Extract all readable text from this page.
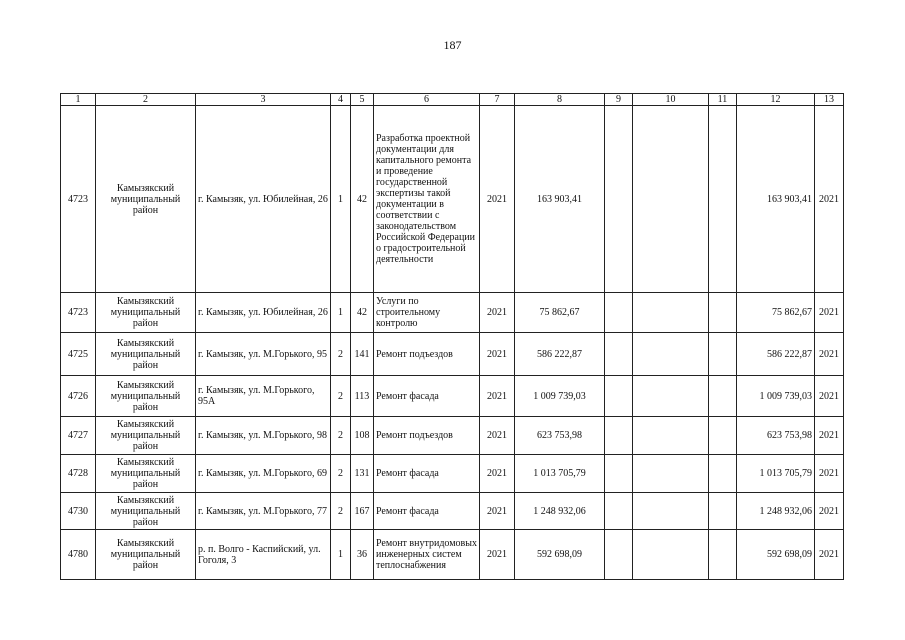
187
1	2	3	4	5	6	7	8	9	10	11	12	13
4723	Камызякский муниципальный район	г. Камызяк, ул. Юбилейная, 26	1	42	Разработка проектной документации для капитального ремонта и проведение государственной экспертизы такой документации в соответствии с законодательством Российской Федерации о градостроительной деятельности	2021	163 903,41				163 903,41	2021
4723	Камызякский муниципальный район	г. Камызяк, ул. Юбилейная, 26	1	42	Услуги по строительному контролю	2021	75 862,67				75 862,67	2021
4725	Камызякский муниципальный район	г. Камызяк, ул. М.Горького, 95	2	141	Ремонт подъездов	2021	586 222,87				586 222,87	2021
4726	Камызякский муниципальный район	г. Камызяк, ул. М.Горького, 95А	2	113	Ремонт фасада	2021	1 009 739,03				1 009 739,03	2021
4727	Камызякский муниципальный район	г. Камызяк, ул. М.Горького, 98	2	108	Ремонт подъездов	2021	623 753,98				623 753,98	2021
4728	Камызякский муниципальный район	г. Камызяк, ул. М.Горького, 69	2	131	Ремонт фасада	2021	1 013 705,79				1 013 705,79	2021
4730	Камызякский муниципальный район	г. Камызяк, ул. М.Горького, 77	2	167	Ремонт фасада	2021	1 248 932,06				1 248 932,06	2021
4780	Камызякский муниципальный район	р. п. Волго - Каспийский, ул. Гоголя, 3	1	36	Ремонт внутридомовых инженерных систем теплоснабжения	2021	592 698,09				592 698,09	2021
